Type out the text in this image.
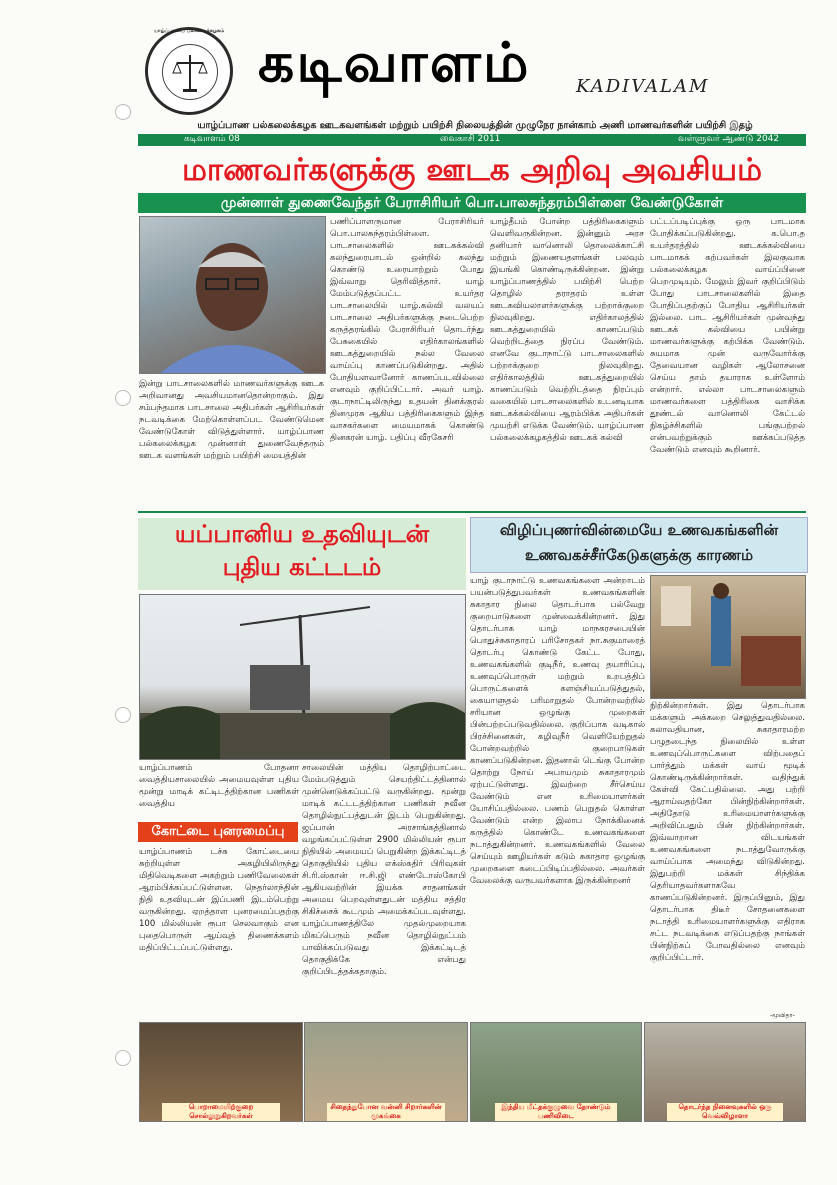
யாழ்ப்பாணப் பல்கலைக்கழகம் கடிவாளம்	KADIVALAM
யாழ்ப்பாண பல்கலைக்கழக ஊடகவளங்கள் மற்றும் பயிற்சி நிலையத்தின் முழுநேர நான்காம் அணி மாணவர்களின் பயிற்சி இதழ்
கடிவாளம் 08	வைகாசி 2011	வள்ளுவர் ஆண்டு 2042
மாணவர்களுக்கு ஊடக அறிவு அவசியம்
முன்னாள் துணைவேந்தர் பேராசிரியர் பொ.பாலசுந்தரம்பிள்ளை வேண்டுகோள்
இன்று பாடசாலைகளில் மாணவர்களுக்கு ஊடக அறிவானது அவசியமானதொன்றாகும். இது சம்பந்தமாக பாடசாலை அதிபர்கள் ஆசிரியர்கள் நடவடிக்கை மேற்கொள்ளப்பட வேண்டுமென வேண்டுகோள் விடுத்துள்ளார். யாழ்ப்பாண பல்கலைக்கழக முன்னாள் துணைவேந்தரும் ஊடக வளங்கள் மற்றும் பயிற்சி மையத்தின்
பணிப்பாளருமான பேராசிரியர் பொ.பாலசுந்தரம்பிள்ளை. பாடசாலைகளில் ஊடகக்கல்வி கலந்துரையாடல் ஒன்றில் கலந்து கொண்டு உரையாற்றும் போது இவ்வாறு தெரிவித்தார். யாழ் மேம்படுத்தப்பட்ட உயர்தர பாடசாலையில் யாழ்.கல்வி வலயப் பாடசாலை அதிபர்களுக்கு நடைபெற்ற கருத்தரங்கில் பேராசிரியர் தொடர்ந்து பேசுகையில் எதிர்காலங்களில் ஊடகத்துறையில் நல்ல வேலை வாய்ப்பு காணப்படுகின்றது. அதில் போதியளவானோர் காணப்படவில்லை எனவும் குறிப்பிட்டார். அவர் யாழ். குடாநாட்டிலிருந்து உதயன் தினக்குரல் தினமுரசு ஆகிய பத்திரிகைகளும் இந்த வாசகர்களை மையமாகக் கொண்டு தினகரன் யாழ். பதிப்பு வீரகேசரி
யாழ்தீபம் போன்ற பத்திரிகைகளும் வெளிவருகின்றன. இன்னும் அரச தனியார் வானொலி தொலைக்காட்சி மற்றும் இணையதளங்கள் பலவும் இயங்கி கொண்டிருக்கின்றன. இன்று யாழ்ப்பாணத்தில் பயிற்சி பெற்ற தொழில் தராதரம் உள்ள ஊடகவியலாளர்களுக்கு பற்றாக்குறை நிலவுகிறது. எதிர்காலத்தில் ஊடகத்துறையில் காணப்படும் வெற்றிடத்தை நிரப்ப வேண்டும். எனவே குடாநாட்டு பாடசாலைகளில் பற்றாக்குறை நிலவுகிறது. எதிர்காலத்தில் ஊடகத்துறையில் காணப்படும் வெற்றிடத்தை நிரப்பும் வகையில் பாடசாலைகளில் உடனடியாக ஊடகக்கல்வியை ஆரம்பிக்க அதிபர்கள் முயற்சி எடுக்க வேண்டும். யாழ்ப்பாண பல்கலைக்கழகத்தில் ஊடகக் கல்வி
பட்டப்படிப்புக்கு ஒரு பாடமாக போதிக்கப்படுகின்றது. க.பொ.த உயர்தரத்தில் ஊடகக்கல்வியை பாடமாகக் கற்பவர்கள் இலகுவாக பல்கலைக்கழக வாய்ப்பினை பெறமுடியும். மேலும் இவர் குறிப்பிடும் போது பாடசாலைகளில் இதை போதிப்பதற்குப் போதிய ஆசிரியர்கள் இல்லை. பாட ஆசிரியர்கள் முன்வந்து ஊடகக் கல்வியை பயின்று மாணவர்களுக்கு கற்பிக்க வேண்டும். சுயமாக முன் வருவோர்க்கு தேவையான வழிகள் ஆலோசனை செய்ய தாம் தயாராக உள்ளோம் என்றார். எல்லா பாடசாலைகளும் மாணவர்களை பத்திரிகை வாசிக்க தூண்டல் வானொலி கேட்டல் நிகழ்ச்சிகளில் பங்குபற்றல் என்பவற்றுக்கும் ஊக்கப்படுத்த வேண்டும் எனவும் கூறினார்.
யப்பானிய உதவியுடன்
புதிய கட்டடம்
யாழ்ப்பாணம் போதனா வைத்தியசாலையில் அமையவுள்ள புதிய மூன்று மாடிக் கட்டிடத்திற்கான பணிகள் வைத்திய
சாலையின் மத்திய தொழிற்பாட்டை மேம்படுத்தும் செயற்திட்டத்தினால் முன்னெடுக்கப்பட்டு வருகின்றது. மூன்று மாடிக் கட்டடத்திற்கான பணிகள் நவீன தொழில்நுட்பத்துடன் இடம் பெறுகின்றது. ஜப்பான் அரசாங்கத்தினால் வழங்கப்பட்டுள்ள 2900 மில்லியன் ரூபா நிதியில் அமையப் பெறுகின்ற இக்கட்டிடத் தொகுதியில் புதிய எக்ஸ்கதிர் பிரிவுகள் சி.ரி.ஸ்கான் ஈ.சி.ஜி எண்டோஸ்கோபி ஆகியவற்றின் இயக்க சாதனங்கள் அமைய பெறவுள்ளதுடன் மத்திய சத்திர சிகிச்சைக் கூடமும் அமைக்கப்படவுள்ளது. யாழ்ப்பாணத்திலே முதல்முறையாக மிகப்பெரும் நவீன தொழில்நுட்பம் பாவிக்கப்படுவது இக்கட்டிடத் தொகுதிக்கே என்பது குறிப்பிடத்தக்கதாகும்.
கோட்டை புனரமைப்பு
யாழ்ப்பாணம் டச்சு கோட்டையை சுற்றியுள்ள அகழியிலிருந்து மிதிவெடிகளை அகற்றும் பணிவேலைகள் ஆரம்பிக்கப்பட்டுள்ளன. நெதர்லாந்தின் நிதி உதவியுடன் இப்பணி இடம்பெற்று வருகின்றது. ஏறத்தாள புனரமைப்பதற்கு 100 மில்லியன் ரூபா செலவாகும் என புதைபொருள் ஆய்வுத் திணைக்களம் மதிப்பிட்டப்பட்டுள்ளது.
விழிப்புணர்வின்மையே உணவகங்களின்
உணவகச்சீர்கேடுகளுக்கு காரணம்
யாழ் குடாநாட்டு உணவகங்களை அன்றாடம் பயன்படுத்துபவர்கள் உணவகங்களின் சுகாதார நிலை தொடர்பாக பல்வேறு குறைபாடுகளை முன்வைக்கின்றனர். இது தொடர்பாக யாழ் மாநகரசபையின் பொதுச்சுகாதாரப் பரிசோதகர் நா.சுகுமாரைத் தொடர்பு கொண்டு கேட்ட போது, உணவகங்களில் குடிநீர், உணவு தயாரிப்பு, உணவுப்பொருள் மற்றும் உறபத்திப் பொருட்களைக் களஞ்சியப்படுத்துதல், கையாளுதல் பரிமாறுதல் போன்றவற்றில் சரியான ஒழுங்கு முறைகள் பின்பற்றப்படுவதில்லை. குறிப்பாக வடிகால் பிரச்சினைகள், கழிவுநீர் வெளியேற்றுதல் போன்றவற்றில் குறைபாடுகள் காணப்படுகின்றன. இதனால் டெங்கு போன்ற தொற்று நோய் அபாயமும் சுகாதாரமும் ஏற்பட்டுள்ளது. இவற்றை சீர்செய்ய வேண்டும் என உரிமையாளர்கள் யோசிப்பதில்லை. பணம் பெறுதல் கொள்ள வேண்டும் என்ற இலாப நோக்கினைக் கருத்தில் கொண்டே உணவகங்களை நடாத்துகின்றனர். உணவகங்களில் வேலை செய்யும் ஊழியர்கள் கடும் சுகாதார ஒழுங்கு முறைகளை கடைப்பிடிப்பதில்லை. அவர்கள் வேலைக்கு வருபவர்களாக இருக்கின்றனர்
நிற்கின்றார்கள். இது தொடர்பாக மக்களும் அக்கறை செலுத்துவதில்லை. கலாவதியான, சுகாதாரமற்ற பழுதடைந்த நிலையில் உள்ள உணவுப்பொருட்களை விற்பதைப் பார்த்தும் மக்கள் வாய் மூடிக் கொண்டிருக்கின்றார்கள். வதிந்துக் கேள்வி கேட்பதில்லை. அது பற்றி ஆராய்வதற்கோ பின்நிற்கின்றார்கள். அதிதோடு உரிமையாளர்களுக்கு அறிவிப்பதும் பின் நிற்கின்றார்கள். இவ்வாறான விடயங்கள் உணவகங்களை நடாத்துவோருக்கு வாய்ப்பாக அமைந்து விடுகின்றது. இதுபற்றி மக்கள் சிந்திக்க தெரியாதவர்களாகவே காணப்படுகின்றனர். இருப்பினும், இது தொடர்பாக திடீர் சோதனைகளை நடாத்தி உரிமையாளர்களுக்கு எதிராக சட்ட நடவடிக்கை எடுப்பதற்கு நாங்கள் பின்நிற்கப் போவதில்லை எனவும் குறிப்பிட்டார்.
-மூவிதா-
பொறாமையிற்குறை சொல்லுறுகிறவர்கள்
சிதைந்துபோன வன்னி சிறார்களின் முகங்கை
இந்திய மீட்தக்குழுவை தோண்டும் பணிவிடை
தொடர்ந்த நினைவுகளில் ஒரு வெவ்விழாளா
